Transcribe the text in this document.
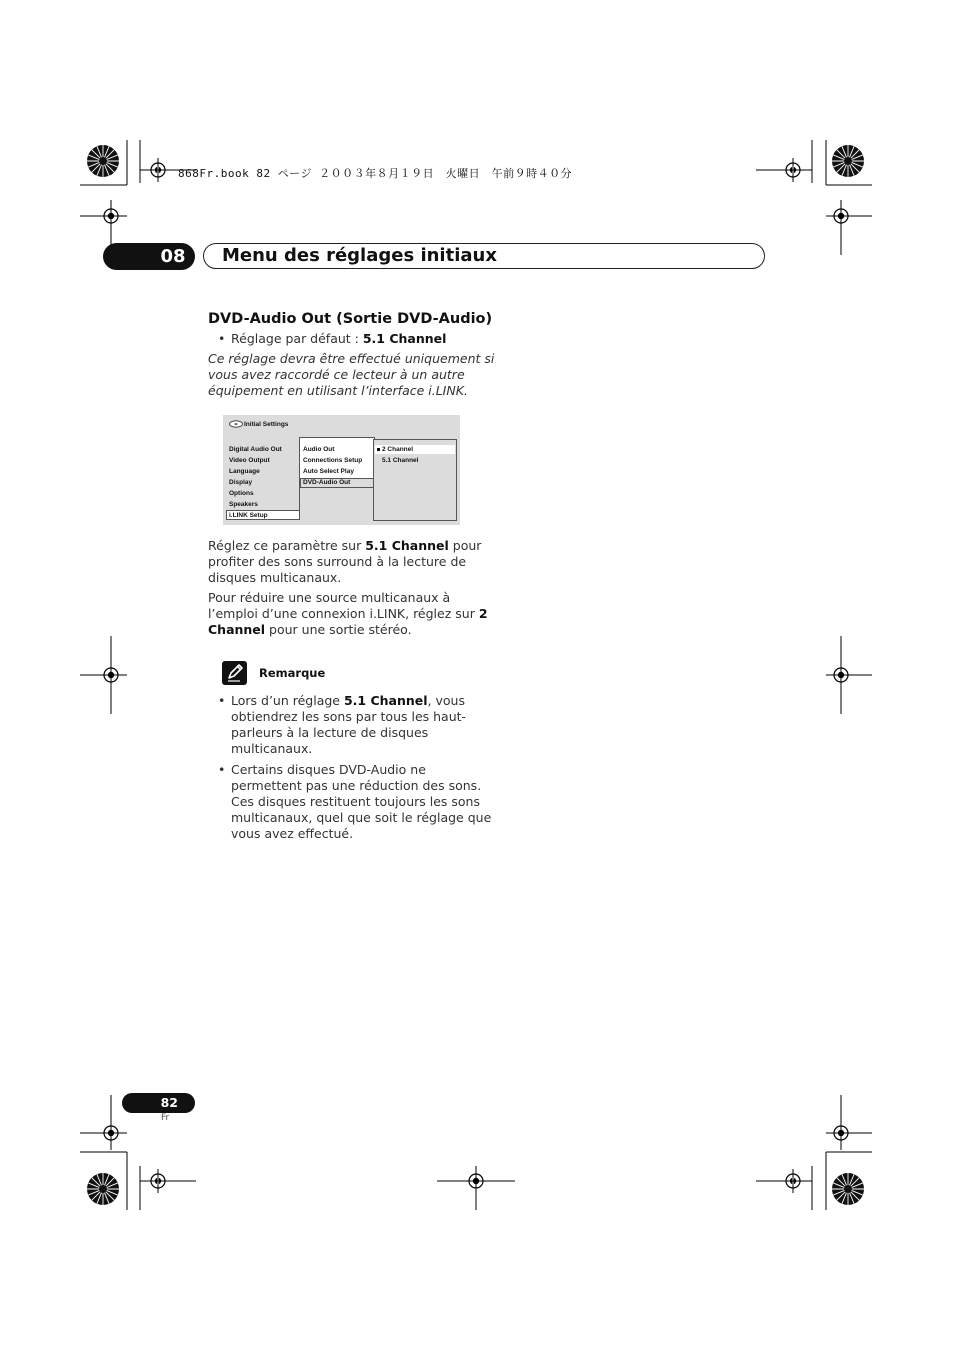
868Fr.book 82 ページ ２００３年８月１９日　火曜日　午前９時４０分
08 Menu des réglages initiaux
DVD-Audio Out (Sortie DVD-Audio)
• Réglage par défaut : 5.1 Channel
Ce réglage devra être effectué uniquement si
vous avez raccordé ce lecteur à un autre
équipement en utilisant l’interface i.LINK.
Initial Settings
Digital Audio Out
Video Output
Language
Display
Options
Speakers
i.LINK Setup
Audio Out
Connections Setup
Auto Select Play
DVD-Audio Out
2 Channel
5.1 Channel
Réglez ce paramètre sur 5.1 Channel pour
profiter des sons surround à la lecture de
disques multicanaux.
Pour réduire une source multicanaux à
l’emploi d’une connexion i.LINK, réglez sur 2
Channel pour une sortie stéréo.
Remarque
• Lors d’un réglage 5.1 Channel, vous
obtiendrez les sons par tous les haut-
parleurs à la lecture de disques
multicanaux.
• Certains disques DVD-Audio ne
permettent pas une réduction des sons.
Ces disques restituent toujours les sons
multicanaux, quel que soit le réglage que
vous avez effectué.
82
Fr
